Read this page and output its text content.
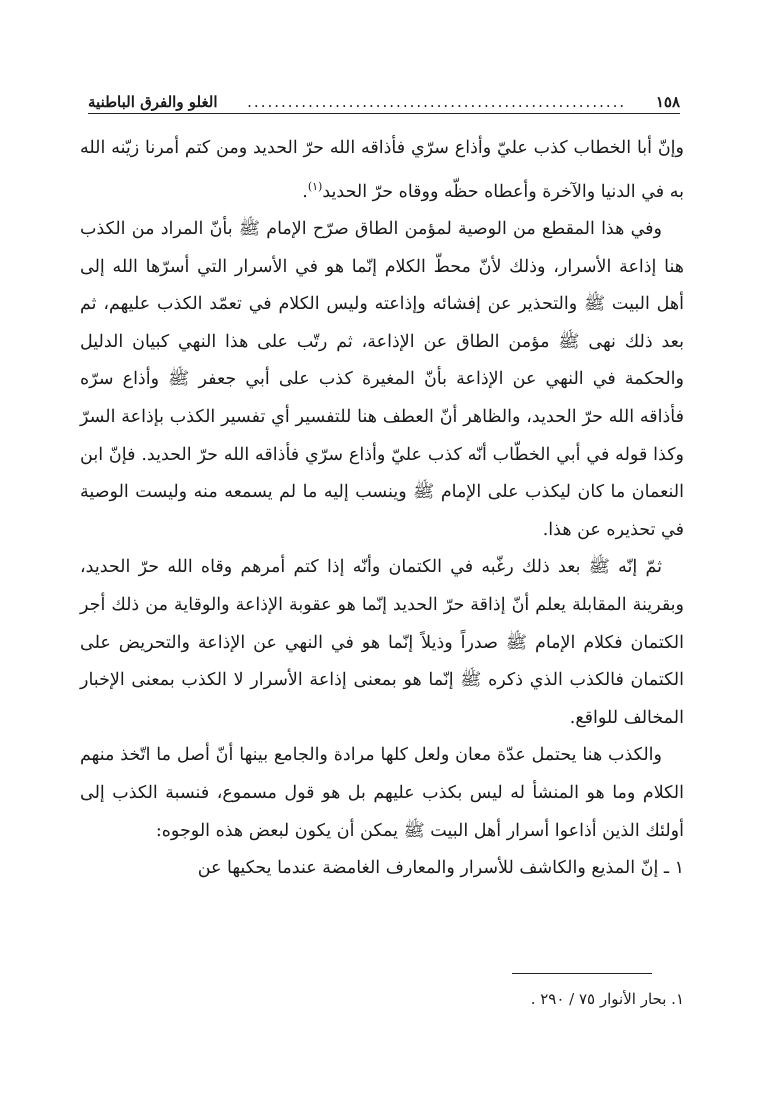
١٥٨
........................................................
الغلو والفرق الباطنية

وإنّ أبا الخطاب كذب عليّ وأذاع سرّي فأذاقه الله حرّ الحديد ومن كتم أمرنا زيّنه الله به في الدنيا والآخرة وأعطاه حظّه ووقاه حرّ الحديد$^{(١)}$.

وفي هذا المقطع من الوصية لمؤمن الطاق صرّح الإمام ﷺ بأنّ المراد من الكذب هنا إذاعة الأسرار، وذلك لأنّ محطّ الكلام إنّما هو في الأسرار التي أسرّها الله إلى أهل البيت ﷺ والتحذير عن إفشائه وإذاعته وليس الكلام في تعمّد الكذب عليهم، ثم بعد ذلك نهى ﷺ مؤمن الطاق عن الإذاعة، ثم رتّب على هذا النهي كبيان الدليل والحكمة في النهي عن الإذاعة بأنّ المغيرة كذب على أبي جعفر ﷺ وأذاع سرّه فأذاقه الله حرّ الحديد، والظاهر أنّ العطف هنا للتفسير أي تفسير الكذب بإذاعة السرّ وكذا قوله في أبي الخطّاب أنّه كذب عليّ وأذاع سرّي فأذاقه الله حرّ الحديد. فإنّ ابن النعمان ما كان ليكذب على الإمام ﷺ وينسب إليه ما لم يسمعه منه وليست الوصية في تحذيره عن هذا.

ثمّ إنّه ﷺ بعد ذلك رغّبه في الكتمان وأنّه إذا كتم أمرهم وقاه الله حرّ الحديد، وبقرينة المقابلة يعلم أنّ إذاقة حرّ الحديد إنّما هو عقوبة الإذاعة والوقاية من ذلك أجر الكتمان فكلام الإمام ﷺ صدراً وذيلاً إنّما هو في النهي عن الإذاعة والتحريض على الكتمان فالكذب الذي ذكره ﷺ إنّما هو بمعنى إذاعة الأسرار لا الكذب بمعنى الإخبار المخالف للواقع.

والكذب هنا يحتمل عدّة معان ولعل كلها مرادة والجامع بينها أنّ أصل ما اتّخذ منهم الكلام وما هو المنشأ له ليس بكذب عليهم بل هو قول مسموع، فنسبة الكذب إلى أولئك الذين أذاعوا أسرار أهل البيت ﷺ يمكن أن يكون لبعض هذه الوجوه:

١ ـ إنّ المذيع والكاشف للأسرار والمعارف الغامضة عندما يحكيها عن

١. بحار الأنوار ٧٥ / ٢٩٠ .
